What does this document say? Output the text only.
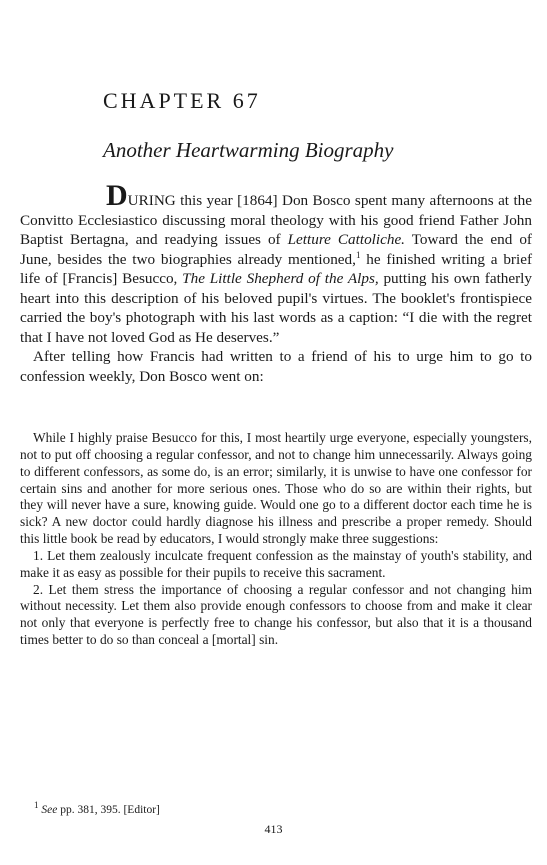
CHAPTER 67
Another Heartwarming Biography

DURING this year [1864] Don Bosco spent many afternoons at the Convitto Ecclesiastico discussing moral theology with his good friend Father John Baptist Bertagna, and readying issues of Letture Cattoliche. Toward the end of June, besides the two biographies already mentioned,$^1$ he finished writing a brief life of [Francis] Besucco, The Little Shepherd of the Alps, putting his own fatherly heart into this description of his beloved pupil's virtues. The booklet's frontispiece carried the boy's photograph with his last words as a caption: “I die with the regret that I have not loved God as He deserves.”

After telling how Francis had written to a friend of his to urge him to go to confession weekly, Don Bosco went on:

While I highly praise Besucco for this, I most heartily urge everyone, especially youngsters, not to put off choosing a regular confessor, and not to change him unnecessarily. Always going to different confessors, as some do, is an error; similarly, it is unwise to have one confessor for certain sins and another for more serious ones. Those who do so are within their rights, but they will never have a sure, knowing guide. Would one go to a different doctor each time he is sick? A new doctor could hardly diagnose his illness and prescribe a proper remedy. Should this little book be read by educators, I would strongly make three suggestions:

1. Let them zealously inculcate frequent confession as the mainstay of youth's stability, and make it as easy as possible for their pupils to receive this sacrament.

2. Let them stress the importance of choosing a regular confessor and not changing him without necessity. Let them also provide enough confessors to choose from and make it clear not only that everyone is perfectly free to change his confessor, but also that it is a thousand times better to do so than conceal a [mortal] sin.

$^1$ See pp. 381, 395. [Editor]
413
